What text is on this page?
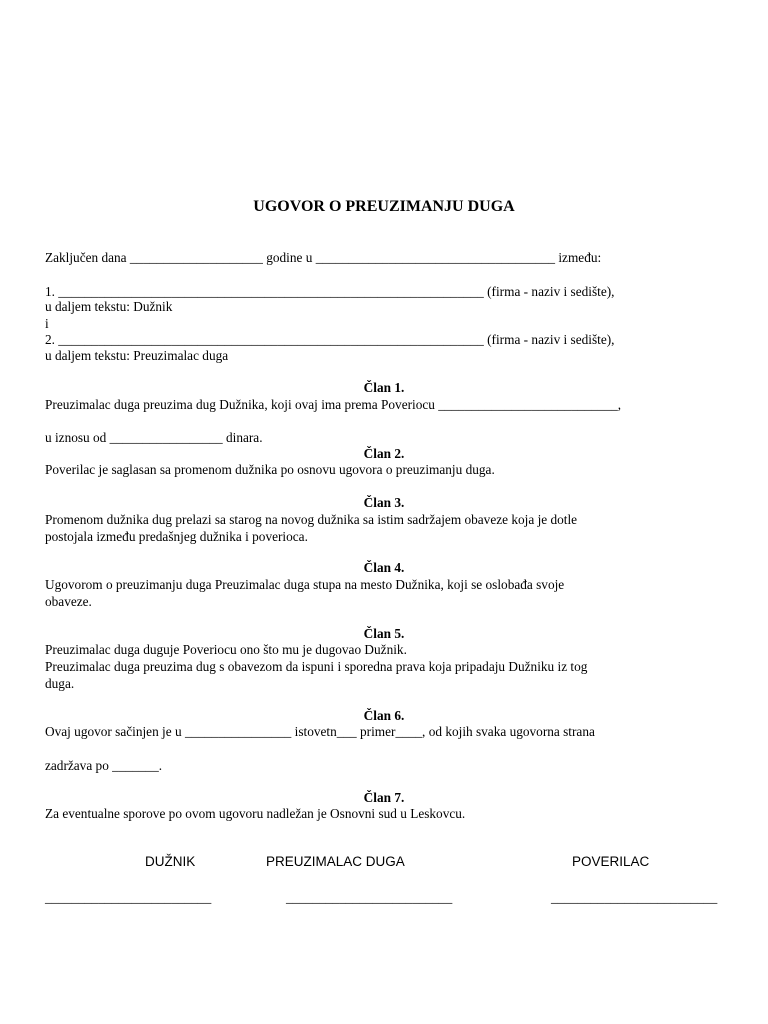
UGOVOR O PREUZIMANJU DUGA
Zaključen dana ____________________ godine u ____________________________________ između:
1. ________________________________________________________________ (firma - naziv i sedište),
u daljem tekstu: Dužnik
i
2. ________________________________________________________________ (firma - naziv i sedište),
u daljem tekstu: Preuzimalac duga
Član 1.
Preuzimalac duga preuzima dug Dužnika, koji ovaj ima prema Poveriocu ___________________________,
u iznosu od _________________ dinara.
Član 2.
Poverilac je saglasan sa promenom dužnika po osnovu ugovora o preuzimanju duga.
Član 3.
Promenom dužnika dug prelazi sa starog na novog dužnika sa istim sadržajem obaveze koja je dotle
postojala između predašnjeg dužnika i poverioca.
Član 4.
Ugovorom o preuzimanju duga Preuzimalac duga stupa na mesto Dužnika, koji se oslobađa svoje
obaveze.
Član 5.
Preuzimalac duga duguje Poveriocu ono što mu je dugovao Dužnik.
Preuzimalac duga preuzima dug s obavezom da ispuni i sporedna prava koja pripadaju Dužniku iz tog
duga.
Član 6.
Ovaj ugovor sačinjen je u ________________ istovetn___ primer____, od kojih svaka ugovorna strana
zadržava po _______.
Član 7.
Za eventualne sporove po ovom ugovoru nadležan je Osnovni sud u Leskovcu.
DUŽNIK	PREUZIMALAC DUGA	POVERILAC
_________________________	_________________________	_________________________
